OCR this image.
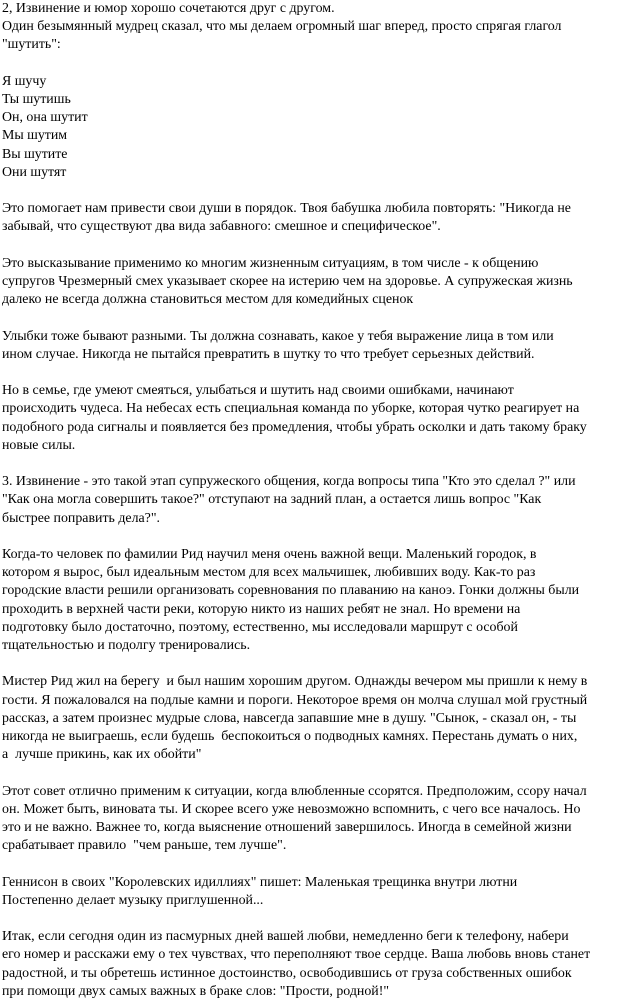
2, Извинение и юмор хорошо сочетаются друг с другом.
Один безымянный мудрец сказал, что мы делаем огромный шаг вперед, просто спрягая глагол
"шутить":

Я шучу
Ты шутишь
Он, она шутит
Мы шутим
Вы шутите
Они шутят

Это помогает нам привести свои души в порядок. Твоя бабушка любила повторять: "Никогда не
забывай, что существуют два вида забавного: смешное и специфическое".

Это высказывание применимо ко многим жизненным ситуациям, в том числе - к общению
супругов Чрезмерный смех указывает скорее на истерию чем на здоровье. А супружеская жизнь
далеко не всегда должна становиться местом для комедийных сценок

Улыбки тоже бывают разными. Ты должна сознавать, какое у тебя выражение лица в том или
ином случае. Никогда не пытайся превратить в шутку то что требует серьезных действий.

Но в семье, где умеют смеяться, улыбаться и шутить над своими ошибками, начинают
происходить чудеса. На небесах есть специальная команда по уборке, которая чутко реагирует на
подобного рода сигналы и появляется без промедления, чтобы убрать осколки и дать такому браку
новые силы.

3. Извинение - это такой этап супружеского общения, когда вопросы типа "Кто это сделал ?" или
"Как она могла совершить такое?" отступают на задний план, а остается лишь вопрос "Как
быстрее поправить дела?".

Когда-то человек по фамилии Рид научил меня очень важной вещи. Маленький городок, в
котором я вырос, был идеальным местом для всех мальчишек, любивших воду. Как-то раз
городские власти решили организовать соревнования по плаванию на каноэ. Гонки должны были
проходить в верхней части реки, которую никто из наших ребят не знал. Но времени на
подготовку было достаточно, поэтому, естественно, мы исследовали маршрут с особой
тщательностью и подолгу тренировались.

Мистер Рид жил на берегу  и был нашим хорошим другом. Однажды вечером мы пришли к нему в
гости. Я пожаловался на подлые камни и пороги. Некоторое время он молча слушал мой грустный
рассказ, а затем произнес мудрые слова, навсегда запавшие мне в душу. "Сынок, - сказал он, - ты
никогда не выиграешь, если будешь  беспокоиться о подводных камнях. Перестань думать о них,
а  лучше прикинь, как их обойти"

Этот совет отлично применим к ситуации, когда влюбленные ссорятся. Предположим, ссору начал
он. Может быть, виновата ты. И скорее всего уже невозможно вспомнить, с чего все началось. Но
это и не важно. Важнее то, когда выяснение отношений завершилось. Иногда в семейной жизни
срабатывает правило  "чем раньше, тем лучше".

Геннисон в своих "Королевских идиллиях" пишет: Маленькая трещинка внутри лютни
Постепенно делает музыку приглушенной...

Итак, если сегодня один из пасмурных дней вашей любви, немедленно беги к телефону, набери
его номер и расскажи ему о тех чувствах, что переполняют твое сердце. Ваша любовь вновь станет
радостной, и ты обретешь истинное достоинство, освободившись от груза собственных ошибок
при помощи двух самых важных в браке слов: "Прости, родной!"
